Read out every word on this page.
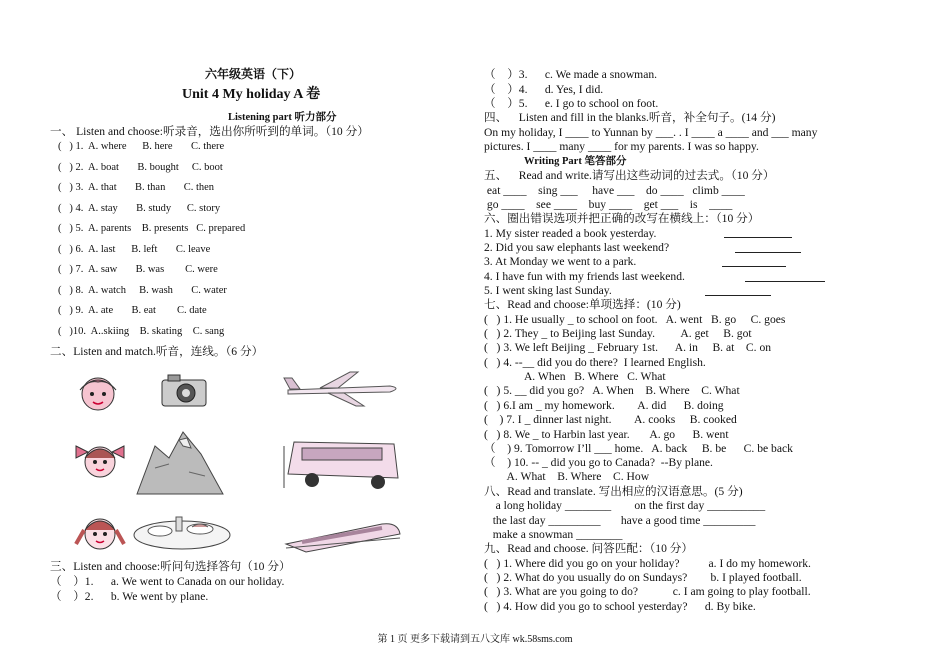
六年级英语（下）
Unit 4 My holiday A 卷
Listening part 听力部分
一、 Listen and choose:听录音，选出你所听到的单词。（10 分）
(   ) 1.  A. where      B. here       C. there
(   ) 2.  A. boat       B. bought     C. boot
(   ) 3.  A. that       B. than       C. then
(   ) 4.  A. stay       B. study      C. story
(   ) 5.  A. parents    B. presents   C. prepared
(   ) 6.  A. last      B. left       C. leave
(   ) 7.  A. saw       B. was        C. were
(   ) 8.  A. watch     B. wash       C. water
(   ) 9.  A. ate       B. eat        C. date
(   )10.  A..skiing    B. skating    C. sang
二、Listen and match.听音，连线。（6 分）
三、Listen and choose:听问句选择答句（10 分）
（    ）1.      a. We went to Canada on our holiday.
（    ）2.      b. We went by plane.
（    ）3.      c. We made a snowman.
（    ）4.      d. Yes, I did.
（    ）5.      e. I go to school on foot.
四、    Listen and fill in the blanks.听音，补全句子。(14 分)
On my holiday, I ____ to Yunnan by ___. . I ____ a ____ and ___ many
pictures. I ____ many ____ for my parents. I was so happy.
Writing Part 笔答部分
五、    Read and write.请写出这些动词的过去式。（10 分）
eat ____    sing ___     have ___    do ____   climb ____
go ____    see ____    buy ____    get ___    is    ____
六、圈出错误选项并把正确的改写在横线上：（10 分）
1. My sister readed a book yesterday.
2. Did you saw elephants last weekend?
3. At Monday we went to a park.
4. I have fun with my friends last weekend.
5. I went sking last Sunday.
七、Read and choose:单项选择：(10 分)
(   ) 1. He usually _ to school on foot.   A. went   B. go     C. goes
(   ) 2. They _ to Beijing last Sunday.         A. get     B. got
(   ) 3. We left Beijing _ February 1st.      A. in     B. at    C. on
(   ) 4. --__ did you do there?  I learned English.
A. When   B. Where   C. What
(   ) 5. __ did you go?   A. When    B. Where    C. What
(   ) 6.I am _ my homework.        A. did      B. doing
(    ) 7. I _ dinner last night.        A. cooks     B. cooked
(   ) 8. We _ to Harbin last year.       A. go      B. went
（    ) 9. Tomorrow I’ll ___ home.   A. back     B. be      C. be back
（    ) 10. -- _ did you go to Canada?  --By plane.
A. What    B. Where    C. How
八、Read and translate. 写出相应的汉语意思。(5 分)
a long holiday ________        on the first day __________
the last day _________       have a good time _________
make a snowman ________
九、Read and choose. 问答匹配：（10 分）
(   ) 1. Where did you go on your holiday?          a. I do my homework.
(   ) 2. What do you usually do on Sundays?        b. I played football.
(   ) 3. What are you going to do?            c. I am going to play football.
(   ) 4. How did you go to school yesterday?      d. By bike.
第 1 页 更多下载请到五八文库 wk.58sms.com
